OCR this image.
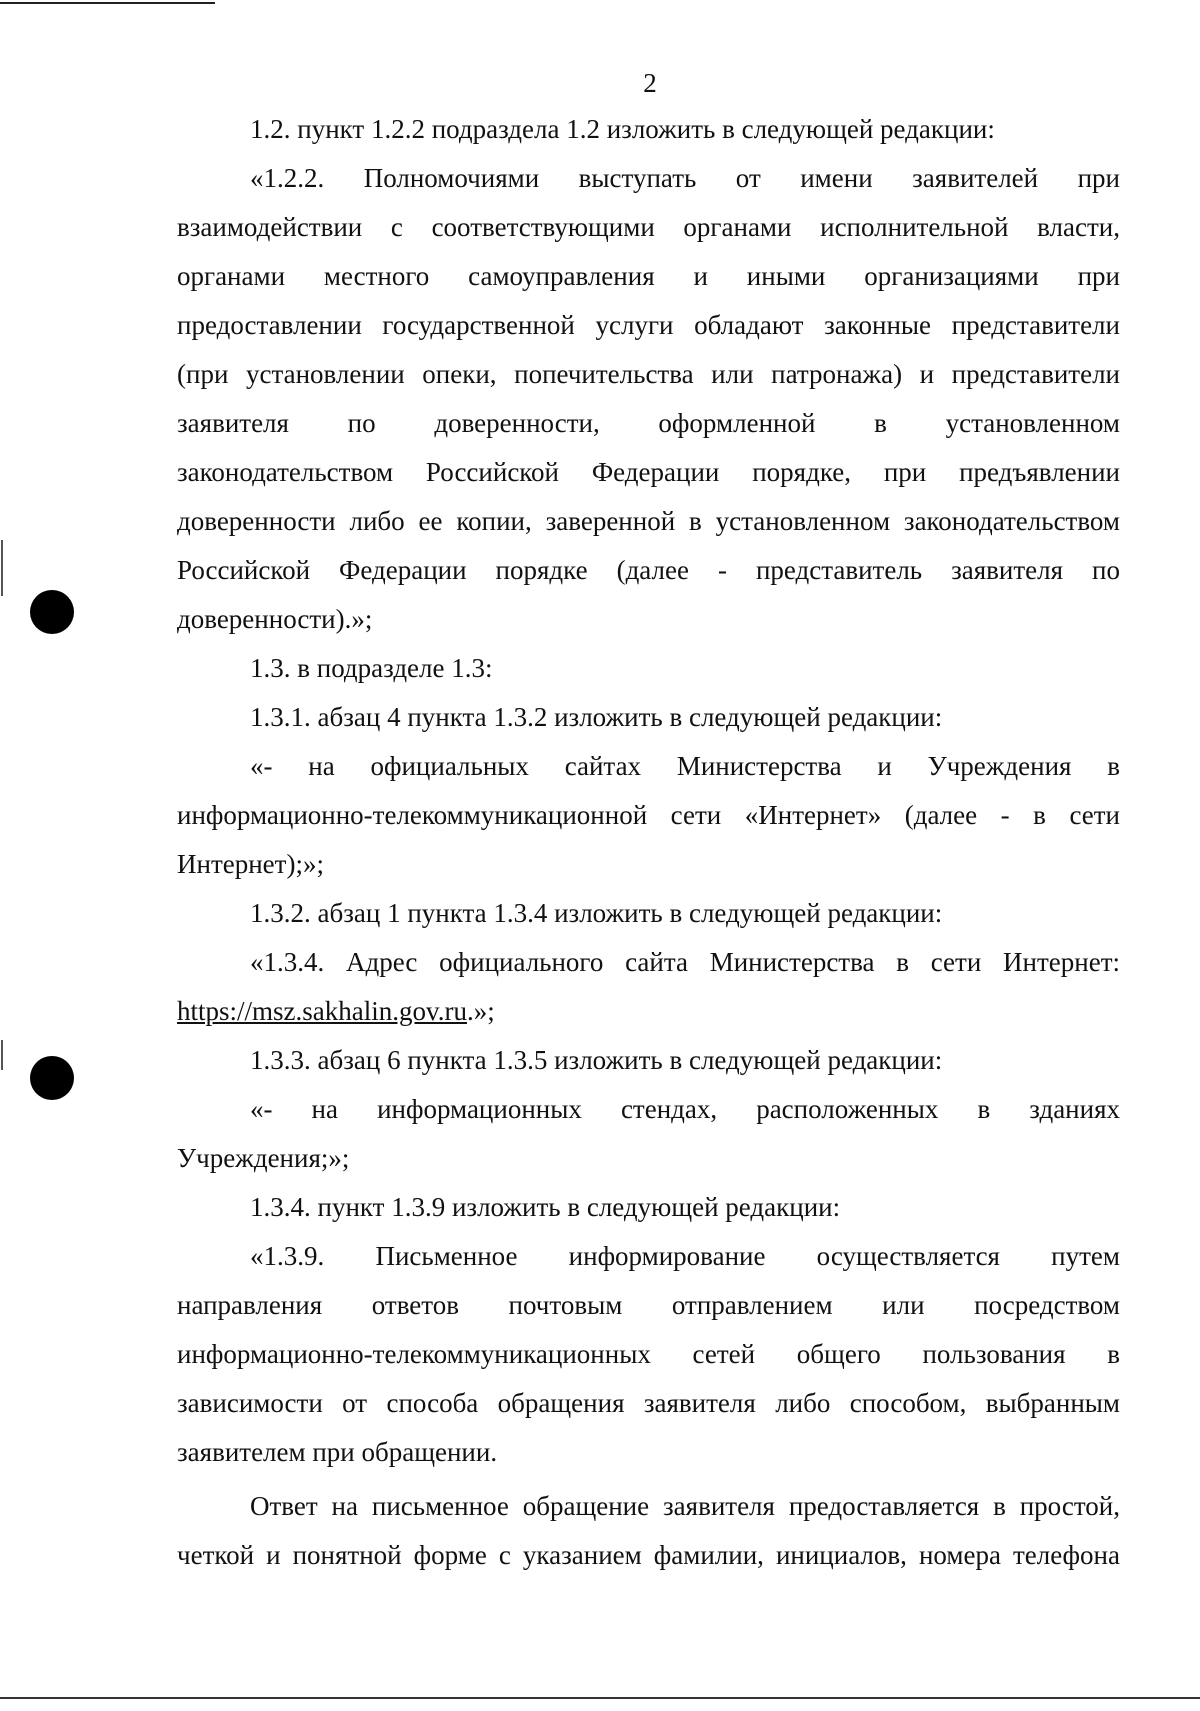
2
1.2. пункт 1.2.2 подраздела 1.2 изложить в следующей редакции:
«1.2.2. Полномочиями выступать от имени заявителей при
взаимодействии с соответствующими органами исполнительной власти,
органами местного самоуправления и иными организациями при
предоставлении государственной услуги обладают законные представители
(при установлении опеки, попечительства или патронажа) и представители
заявителя по доверенности, оформленной в установленном
законодательством Российской Федерации порядке, при предъявлении
доверенности либо ее копии, заверенной в установленном законодательством
Российской Федерации порядке (далее - представитель заявителя по
доверенности).»;
1.3. в подразделе 1.3:
1.3.1. абзац 4 пункта 1.3.2 изложить в следующей редакции:
«- на официальных сайтах Министерства и Учреждения в
информационно-телекоммуникационной сети «Интернет» (далее - в сети
Интернет);»;
1.3.2. абзац 1 пункта 1.3.4 изложить в следующей редакции:
«1.3.4. Адрес официального сайта Министерства в сети Интернет:
https://msz.sakhalin.gov.ru.»;
1.3.3. абзац 6 пункта 1.3.5 изложить в следующей редакции:
«- на информационных стендах, расположенных в зданиях
Учреждения;»;
1.3.4. пункт 1.3.9 изложить в следующей редакции:
«1.3.9. Письменное информирование осуществляется путем
направления ответов почтовым отправлением или посредством
информационно-телекоммуникационных сетей общего пользования в
зависимости от способа обращения заявителя либо способом, выбранным
заявителем при обращении.
Ответ на письменное обращение заявителя предоставляется в простой,
четкой и понятной форме с указанием фамилии, инициалов, номера телефона
